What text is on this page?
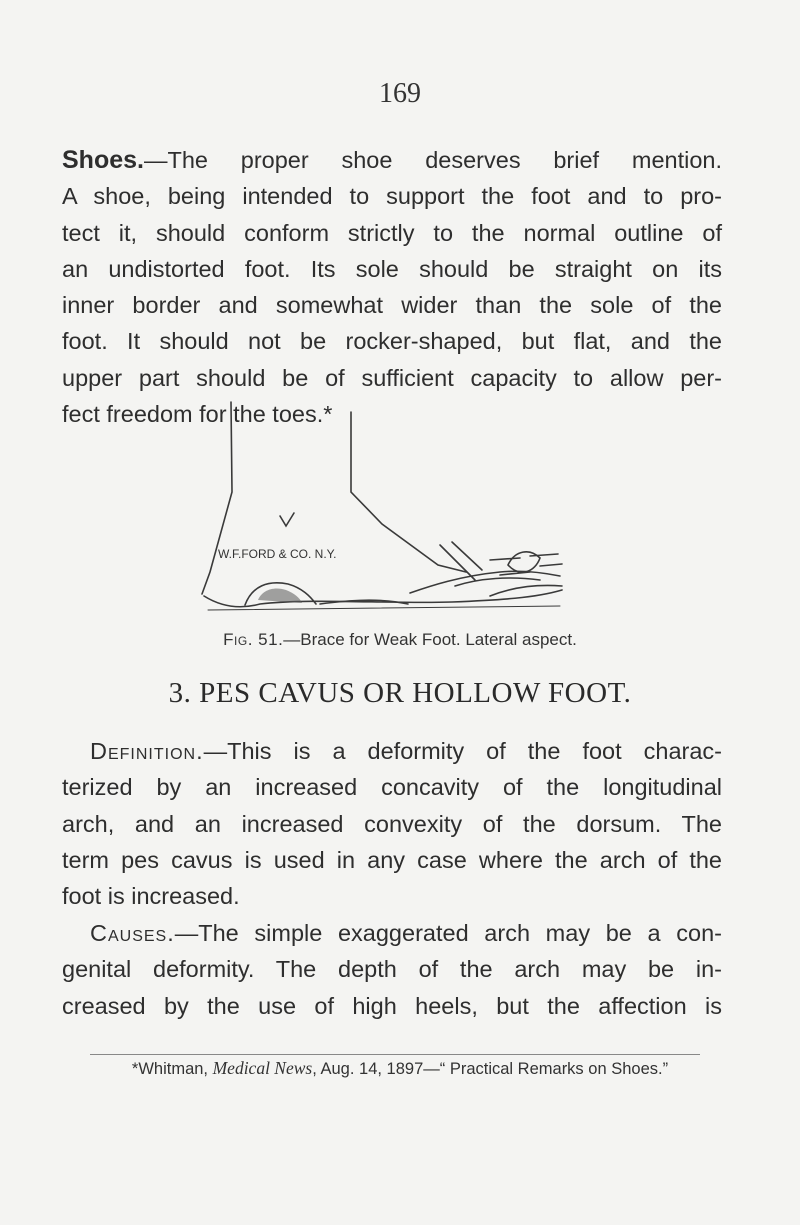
169
Shoes.—The proper shoe deserves brief mention.
A shoe, being intended to support the foot and to pro-
tect it, should conform strictly to the normal outline of
an undistorted foot. Its sole should be straight on its
inner border and somewhat wider than the sole of the
foot. It should not be rocker-shaped, but flat, and the
upper part should be of sufficient capacity to allow per-
fect freedom for the toes.*
W.F.FORD & CO. N.Y.
Fig. 51.—Brace for Weak Foot. Lateral aspect.
3. PES CAVUS OR HOLLOW FOOT.
Definition.—This is a deformity of the foot charac-
terized by an increased concavity of the longitudinal
arch, and an increased convexity of the dorsum. The
term pes cavus is used in any case where the arch of the
foot is increased.
Causes.—The simple exaggerated arch may be a con-
genital deformity. The depth of the arch may be in-
creased by the use of high heels, but the affection is
*Whitman, Medical News, Aug. 14, 1897—“ Practical Remarks on Shoes.”
